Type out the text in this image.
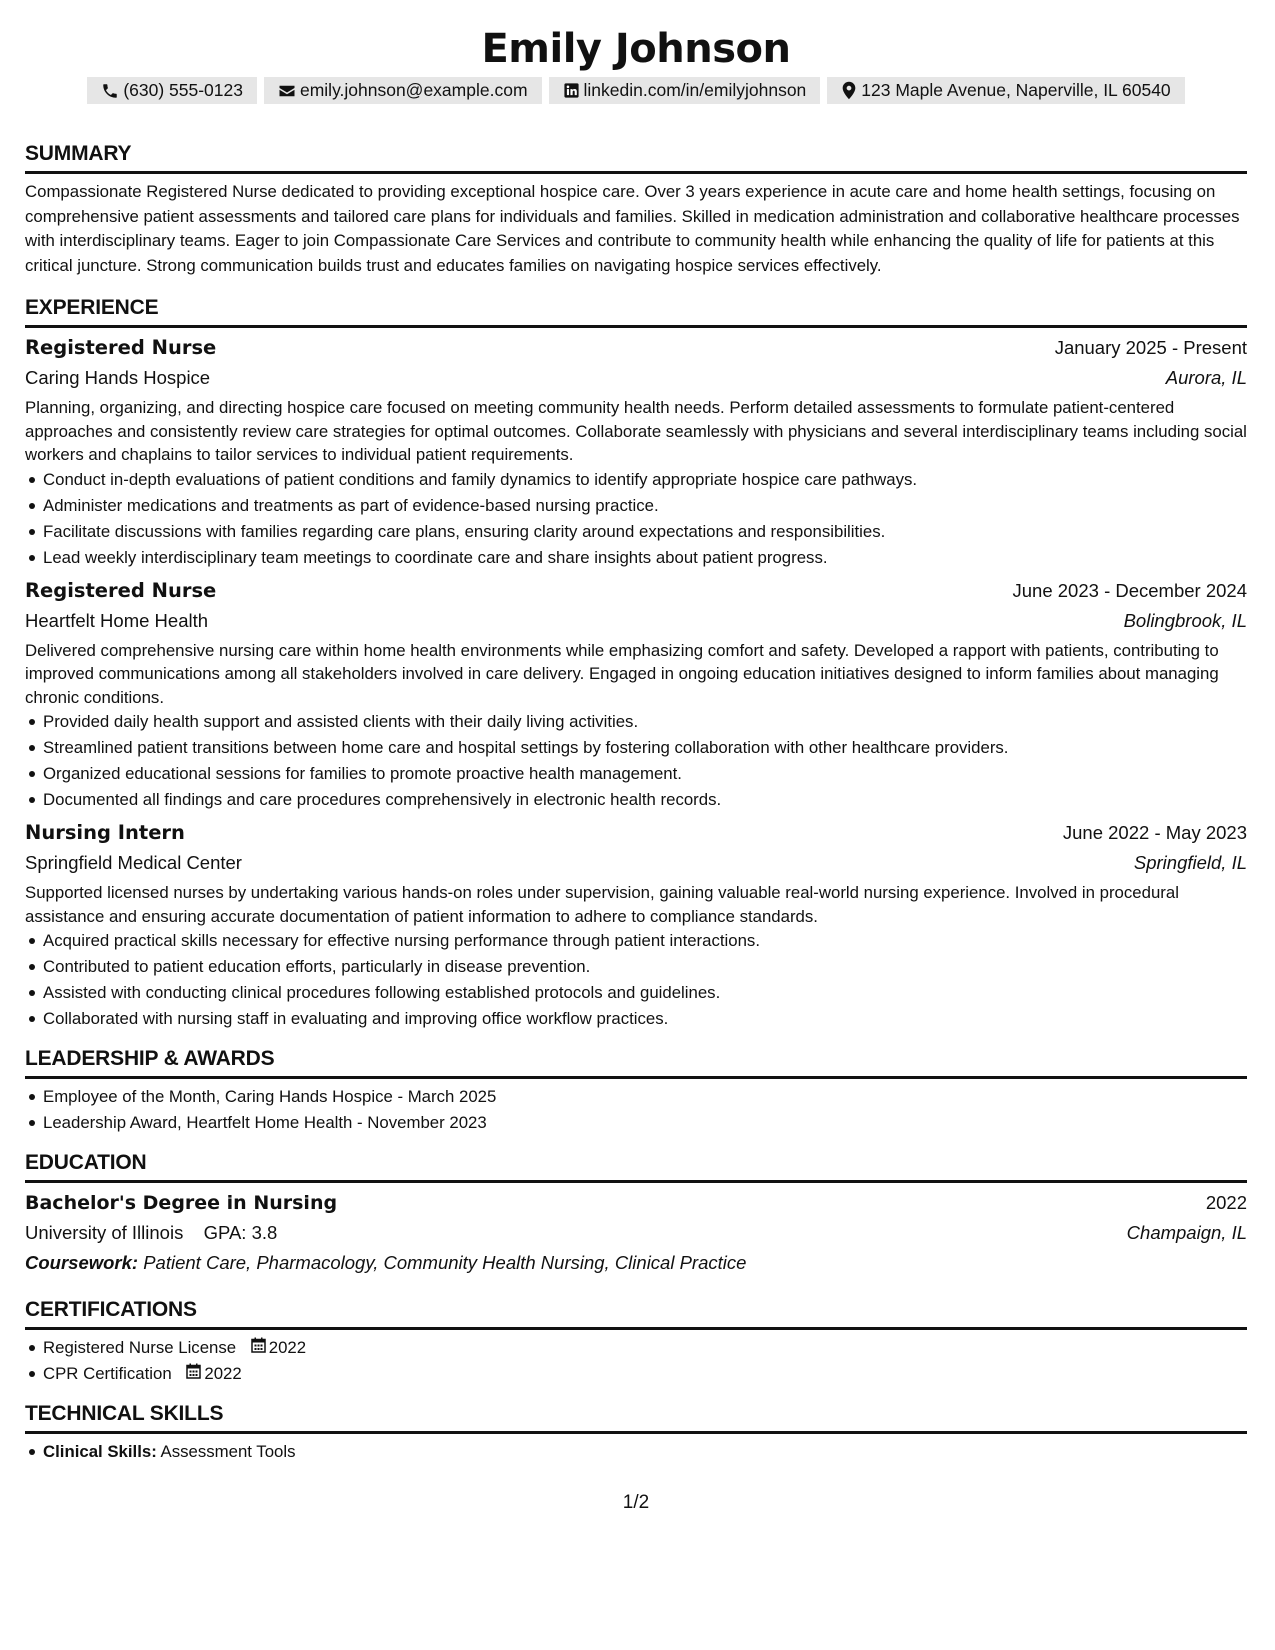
Emily Johnson
(630) 555-0123	emily.johnson@example.com	linkedin.com/in/emilyjohnson	123 Maple Avenue, Naperville, IL 60540
SUMMARY
Compassionate Registered Nurse dedicated to providing exceptional hospice care. Over 3 years experience in acute care and home health settings, focusing on comprehensive patient assessments and tailored care plans for individuals and families. Skilled in medication administration and collaborative healthcare processes with interdisciplinary teams. Eager to join Compassionate Care Services and contribute to community health while enhancing the quality of life for patients at this critical juncture. Strong communication builds trust and educates families on navigating hospice services effectively.
EXPERIENCE
Registered Nurse	January 2025 - Present
Caring Hands Hospice	Aurora, IL
Planning, organizing, and directing hospice care focused on meeting community health needs. Perform detailed assessments to formulate patient-centered approaches and consistently review care strategies for optimal outcomes. Collaborate seamlessly with physicians and several interdisciplinary teams including social workers and chaplains to tailor services to individual patient requirements.
Conduct in-depth evaluations of patient conditions and family dynamics to identify appropriate hospice care pathways.
Administer medications and treatments as part of evidence-based nursing practice.
Facilitate discussions with families regarding care plans, ensuring clarity around expectations and responsibilities.
Lead weekly interdisciplinary team meetings to coordinate care and share insights about patient progress.
Registered Nurse	June 2023 - December 2024
Heartfelt Home Health	Bolingbrook, IL
Delivered comprehensive nursing care within home health environments while emphasizing comfort and safety. Developed a rapport with patients, contributing to improved communications among all stakeholders involved in care delivery. Engaged in ongoing education initiatives designed to inform families about managing chronic conditions.
Provided daily health support and assisted clients with their daily living activities.
Streamlined patient transitions between home care and hospital settings by fostering collaboration with other healthcare providers.
Organized educational sessions for families to promote proactive health management.
Documented all findings and care procedures comprehensively in electronic health records.
Nursing Intern	June 2022 - May 2023
Springfield Medical Center	Springfield, IL
Supported licensed nurses by undertaking various hands-on roles under supervision, gaining valuable real-world nursing experience. Involved in procedural assistance and ensuring accurate documentation of patient information to adhere to compliance standards.
Acquired practical skills necessary for effective nursing performance through patient interactions.
Contributed to patient education efforts, particularly in disease prevention.
Assisted with conducting clinical procedures following established protocols and guidelines.
Collaborated with nursing staff in evaluating and improving office workflow practices.
LEADERSHIP & AWARDS
Employee of the Month, Caring Hands Hospice - March 2025
Leadership Award, Heartfelt Home Health - November 2023
EDUCATION
Bachelor's Degree in Nursing	2022
University of Illinois GPA: 3.8	Champaign, IL
Coursework: Patient Care, Pharmacology, Community Health Nursing, Clinical Practice
CERTIFICATIONS
Registered Nurse License 2022
CPR Certification 2022
TECHNICAL SKILLS
Clinical Skills: Assessment Tools
1/2
